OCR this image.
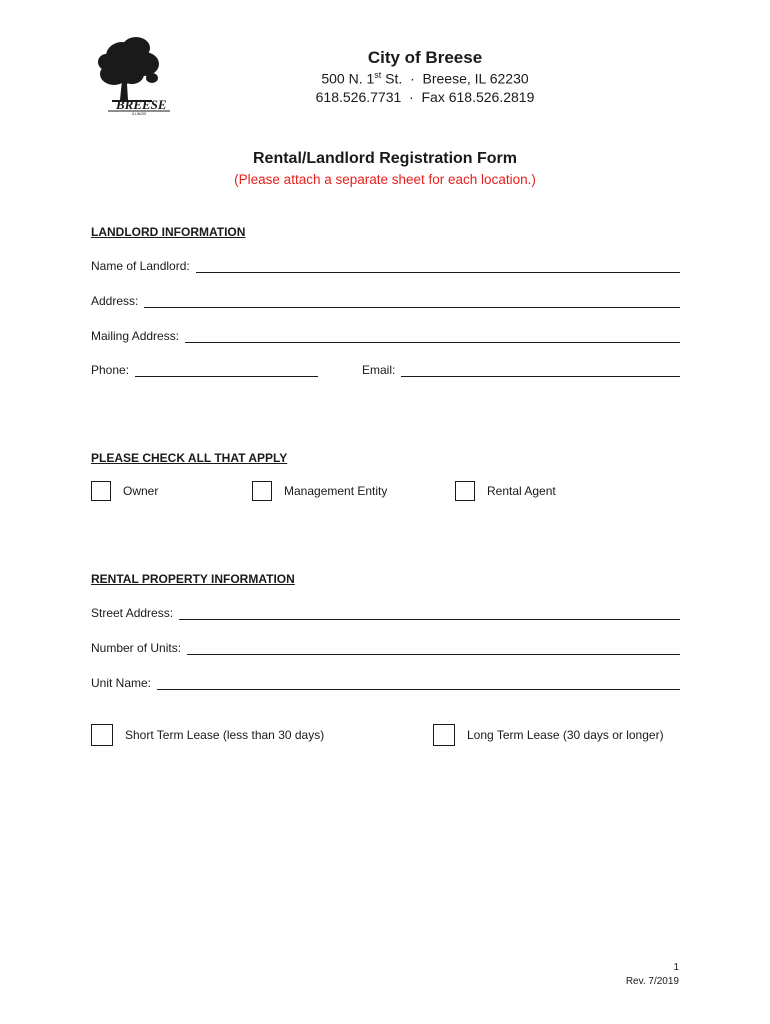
BREESE
ILLINOIS
City of Breese
500 N. 1st St.  ·  Breese, IL 62230
618.526.7731  ·  Fax 618.526.2819
Rental/Landlord Registration Form
(Please attach a separate sheet for each location.)
LANDLORD INFORMATION
Name of Landlord:
Address:
Mailing Address:
Phone:	Email:
PLEASE CHECK ALL THAT APPLY
Owner	Management Entity	Rental Agent
RENTAL PROPERTY INFORMATION
Street Address:
Number of Units:
Unit Name:
Short Term Lease (less than 30 days)	Long Term Lease (30 days or longer)
1
Rev. 7/2019
